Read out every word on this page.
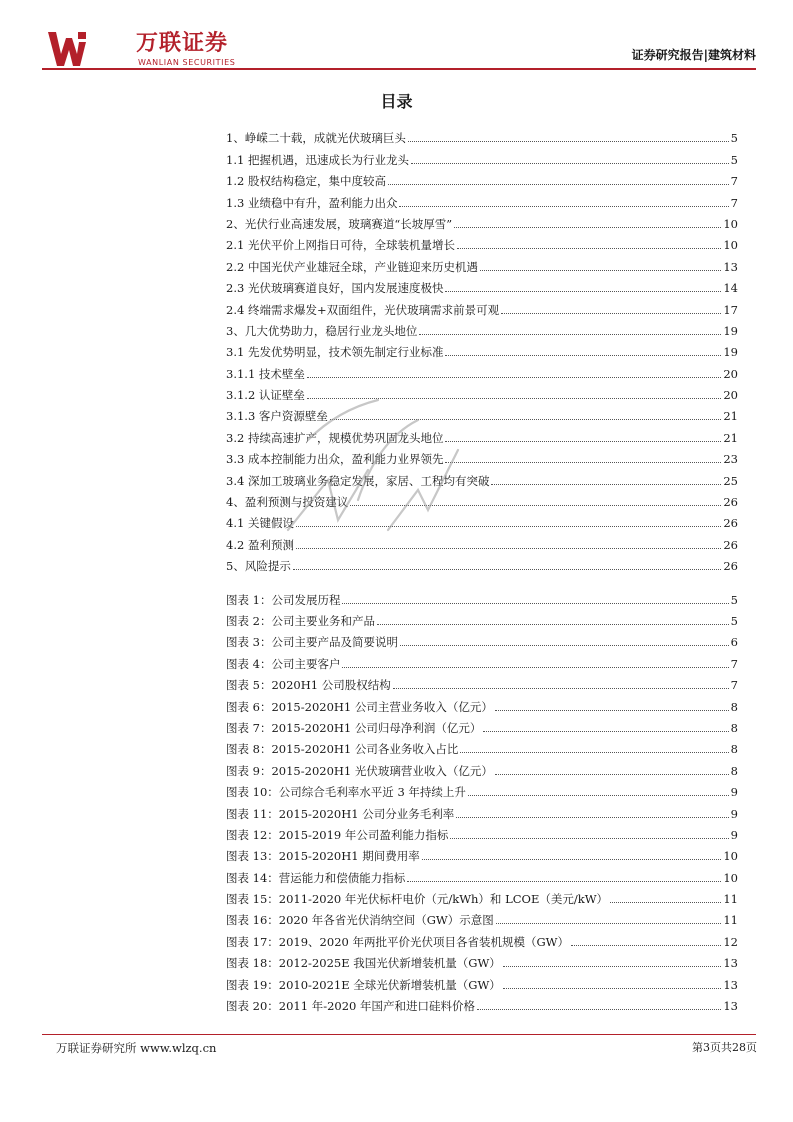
万联证券
WANLIAN SECURITIES
证券研究报告|建筑材料
目录
1、峥嵘二十载，成就光伏玻璃巨头	5
1.1 把握机遇，迅速成长为行业龙头	5
1.2 股权结构稳定，集中度较高	7
1.3 业绩稳中有升，盈利能力出众	7
2、光伏行业高速发展，玻璃赛道“长坡厚雪”	10
2.1 光伏平价上网指日可待，全球装机量增长	10
2.2 中国光伏产业雄冠全球，产业链迎来历史机遇	13
2.3 光伏玻璃赛道良好，国内发展速度极快	14
2.4 终端需求爆发+双面组件，光伏玻璃需求前景可观	17
3、几大优势助力，稳居行业龙头地位	19
3.1 先发优势明显，技术领先制定行业标准	19
3.1.1 技术壁垒	20
3.1.2 认证壁垒	20
3.1.3 客户资源壁垒	21
3.2 持续高速扩产，规模优势巩固龙头地位	21
3.3 成本控制能力出众，盈利能力业界领先	23
3.4 深加工玻璃业务稳定发展，家居、工程均有突破	25
4、盈利预测与投资建议	26
4.1 关键假设	26
4.2 盈利预测	26
5、风险提示	26
图表 1：公司发展历程	5
图表 2：公司主要业务和产品	5
图表 3：公司主要产品及简要说明	6
图表 4：公司主要客户	7
图表 5：2020H1 公司股权结构	7
图表 6：2015-2020H1 公司主营业务收入（亿元）	8
图表 7：2015-2020H1 公司归母净利润（亿元）	8
图表 8：2015-2020H1 公司各业务收入占比	8
图表 9：2015-2020H1 光伏玻璃营业收入（亿元）	8
图表 10：公司综合毛利率水平近 3 年持续上升	9
图表 11：2015-2020H1 公司分业务毛利率	9
图表 12：2015-2019 年公司盈利能力指标	9
图表 13：2015-2020H1 期间费用率	10
图表 14：营运能力和偿债能力指标	10
图表 15：2011-2020 年光伏标杆电价（元/kWh）和 LCOE（美元/kW）	11
图表 16：2020 年各省光伏消纳空间（GW）示意图	11
图表 17：2019、2020 年两批平价光伏项目各省装机规模（GW）	12
图表 18：2012-2025E 我国光伏新增装机量（GW）	13
图表 19：2010-2021E 全球光伏新增装机量（GW）	13
图表 20：2011 年-2020 年国产和进口硅料价格	13
万联证券研究所 www.wlzq.cn	第3页共28页
